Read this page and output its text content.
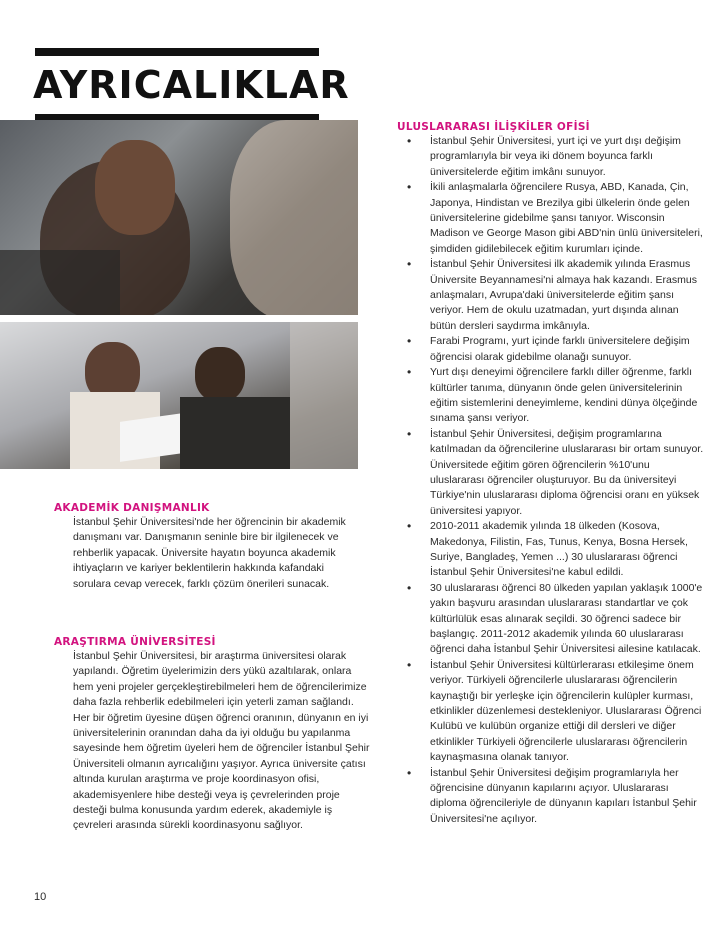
AYRICALIKLAR
AKADEMİK DANIŞMANLIK

İstanbul Şehir Üniversitesi'nde her öğrencinin bir akademik danışmanı var. Danışmanın seninle bire bir ilgilenecek ve rehberlik yapacak. Üniversite hayatın boyunca akademik ihtiyaçların ve kariyer beklentilerin hakkında kafandaki sorulara cevap verecek, farklı çözüm önerileri sunacak.

ARAŞTIRMA ÜNİVERSİTESİ

İstanbul Şehir Üniversitesi, bir araştırma üniversitesi olarak yapılandı. Öğretim üyelerimizin ders yükü azaltılarak, onlara hem yeni projeler gerçekleştirebilmeleri hem de öğrencilerimize daha fazla rehberlik edebilmeleri için yeterli zaman sağlandı. Her bir öğretim üyesine düşen öğrenci oranının, dünyanın en iyi üniversitelerinin oranından daha da iyi olduğu bu yapılanma sayesinde hem öğretim üyeleri hem de öğrenciler İstanbul Şehir Üniversiteli olmanın ayrıcalığını yaşıyor. Ayrıca üniversite çatısı altında kurulan araştırma ve proje koordinasyon ofisi, akademisyenlere hibe desteği veya iş çevrelerinden proje desteği bulma konusunda yardım ederek, akademiyle iş çevreleri arasında sürekli koordinasyonu sağlıyor.

ULUSLARARASI İLİŞKİLER OFİSİ
• İstanbul Şehir Üniversitesi, yurt içi ve yurt dışı değişim programlarıyla bir veya iki dönem boyunca farklı üniversitelerde eğitim imkânı sunuyor.
• İkili anlaşmalarla öğrencilere Rusya, ABD, Kanada, Çin, Japonya, Hindistan ve Brezilya gibi ülkelerin önde gelen üniversitelerine gidebilme şansı tanıyor. Wisconsin Madison ve George Mason gibi ABD'nin ünlü üniversiteleri, şimdiden gidilebilecek eğitim kurumları içinde.
• İstanbul Şehir Üniversitesi ilk akademik yılında Erasmus Üniversite Beyannamesi'ni almaya hak kazandı. Erasmus anlaşmaları, Avrupa'daki üniversitelerde eğitim şansı veriyor. Hem de okulu uzatmadan, yurt dışında alınan bütün dersleri saydırma imkânıyla.
• Farabi Programı, yurt içinde farklı üniversitelere değişim öğrencisi olarak gidebilme olanağı sunuyor.
• Yurt dışı deneyimi öğrencilere farklı diller öğrenme, farklı kültürler tanıma, dünyanın önde gelen üniversitelerinin eğitim sistemlerini deneyimleme, kendini dünya ölçeğinde sınama şansı veriyor.
• İstanbul Şehir Üniversitesi, değişim programlarına katılmadan da öğrencilerine uluslararası bir ortam sunuyor. Üniversitede eğitim gören öğrencilerin %10'unu uluslararası öğrenciler oluşturuyor. Bu da üniversiteyi Türkiye'nin uluslararası diploma öğrencisi oranı en yüksek üniversitesi yapıyor.
• 2010-2011 akademik yılında 18 ülkeden (Kosova, Makedonya, Filistin, Fas, Tunus, Kenya, Bosna Hersek, Suriye, Bangladeş, Yemen ...) 30 uluslararası öğrenci İstanbul Şehir Üniversitesi'ne kabul edildi.
• 30 uluslararası öğrenci 80 ülkeden yapılan yaklaşık 1000'e yakın başvuru arasından uluslararası standartlar ve çok kültürlülük esas alınarak seçildi. 30 öğrenci sadece bir başlangıç. 2011-2012 akademik yılında 60 uluslararası öğrenci daha İstanbul Şehir Üniversitesi ailesine katılacak.
• İstanbul Şehir Üniversitesi kültürlerarası etkileşime önem veriyor. Türkiyeli öğrencilerle uluslararası öğrencilerin kaynaştığı bir yerleşke için öğrencilerin kulüpler kurması, etkinlikler düzenlemesi destekleniyor. Uluslararası Öğrenci Kulübü ve kulübün organize ettiği dil dersleri ve diğer etkinlikler Türkiyeli öğrencilerle uluslararası öğrencilerin kaynaşmasına olanak tanıyor.
• İstanbul Şehir Üniversitesi değişim programlarıyla her öğrencisine dünyanın kapılarını açıyor. Uluslararası diploma öğrencileriyle de dünyanın kapıları İstanbul Şehir Üniversitesi'ne açılıyor.
10
